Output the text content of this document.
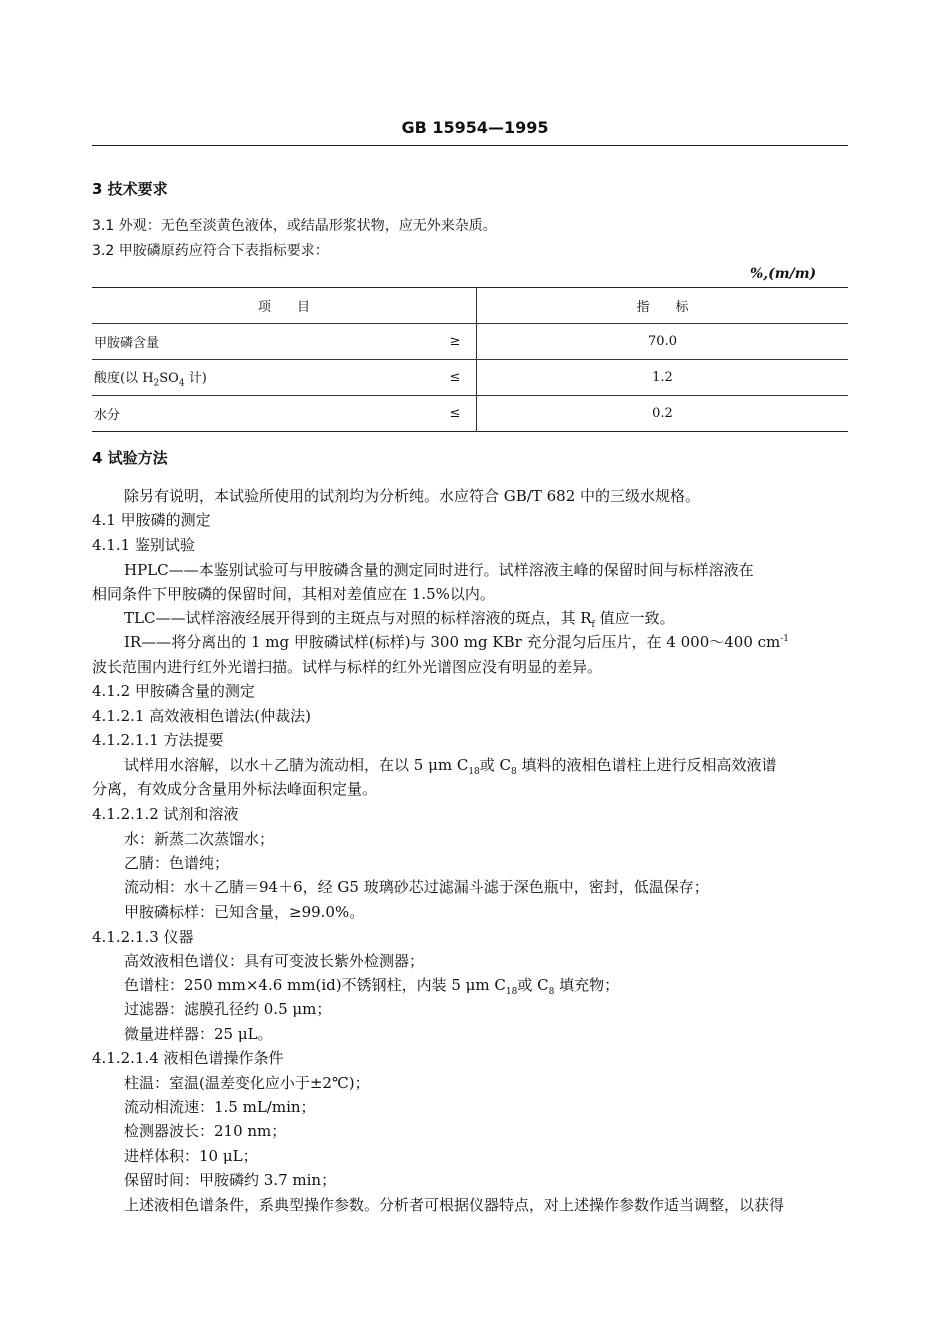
GB 15954—1995
3 技术要求
3.1 外观：无色至淡黄色液体，或结晶形浆状物，应无外来杂质。
3.2 甲胺磷原药应符合下表指标要求：
%,(m/m)
项　　目		指　　标
甲胺磷含量	≥	70.0
酸度(以 $H_2SO_4$ 计)	≤	1.2
水分	≤	0.2
4 试验方法
除另有说明，本试验所使用的试剂均为分析纯。水应符合 GB/T 682 中的三级水规格。
4.1 甲胺磷的测定
4.1.1 鉴别试验
HPLC——本鉴别试验可与甲胺磷含量的测定同时进行。试样溶液主峰的保留时间与标样溶液在
相同条件下甲胺磷的保留时间，其相对差值应在 1.5%以内。
TLC——试样溶液经展开得到的主斑点与对照的标样溶液的斑点，其 $R_f$ 值应一致。
IR——将分离出的 1 mg 甲胺磷试样(标样)与 300 mg KBr 充分混匀后压片，在 4 000～400 $cm^{-1}$
波长范围内进行红外光谱扫描。试样与标样的红外光谱图应没有明显的差异。
4.1.2 甲胺磷含量的测定
4.1.2.1 高效液相色谱法(仲裁法)
4.1.2.1.1 方法提要
试样用水溶解，以水＋乙腈为流动相，在以 5 μm $C_{18}$或 $C_8$ 填料的液相色谱柱上进行反相高效液谱
分离，有效成分含量用外标法峰面积定量。
4.1.2.1.2 试剂和溶液
水：新蒸二次蒸馏水；
乙腈：色谱纯；
流动相：水＋乙腈＝94＋6，经 G5 玻璃砂芯过滤漏斗滤于深色瓶中，密封，低温保存；
甲胺磷标样：已知含量，≥99.0%。
4.1.2.1.3 仪器
高效液相色谱仪：具有可变波长紫外检测器；
色谱柱：250 mm×4.6 mm(id)不锈钢柱，内装 5 μm $C_{18}$或 $C_8$ 填充物；
过滤器：滤膜孔径约 0.5 μm；
微量进样器：25 μL。
4.1.2.1.4 液相色谱操作条件
柱温：室温(温差变化应小于±2℃)；
流动相流速：1.5 mL/min；
检测器波长：210 nm；
进样体积：10 μL；
保留时间：甲胺磷约 3.7 min；
上述液相色谱条件，系典型操作参数。分析者可根据仪器特点，对上述操作参数作适当调整，以获得
